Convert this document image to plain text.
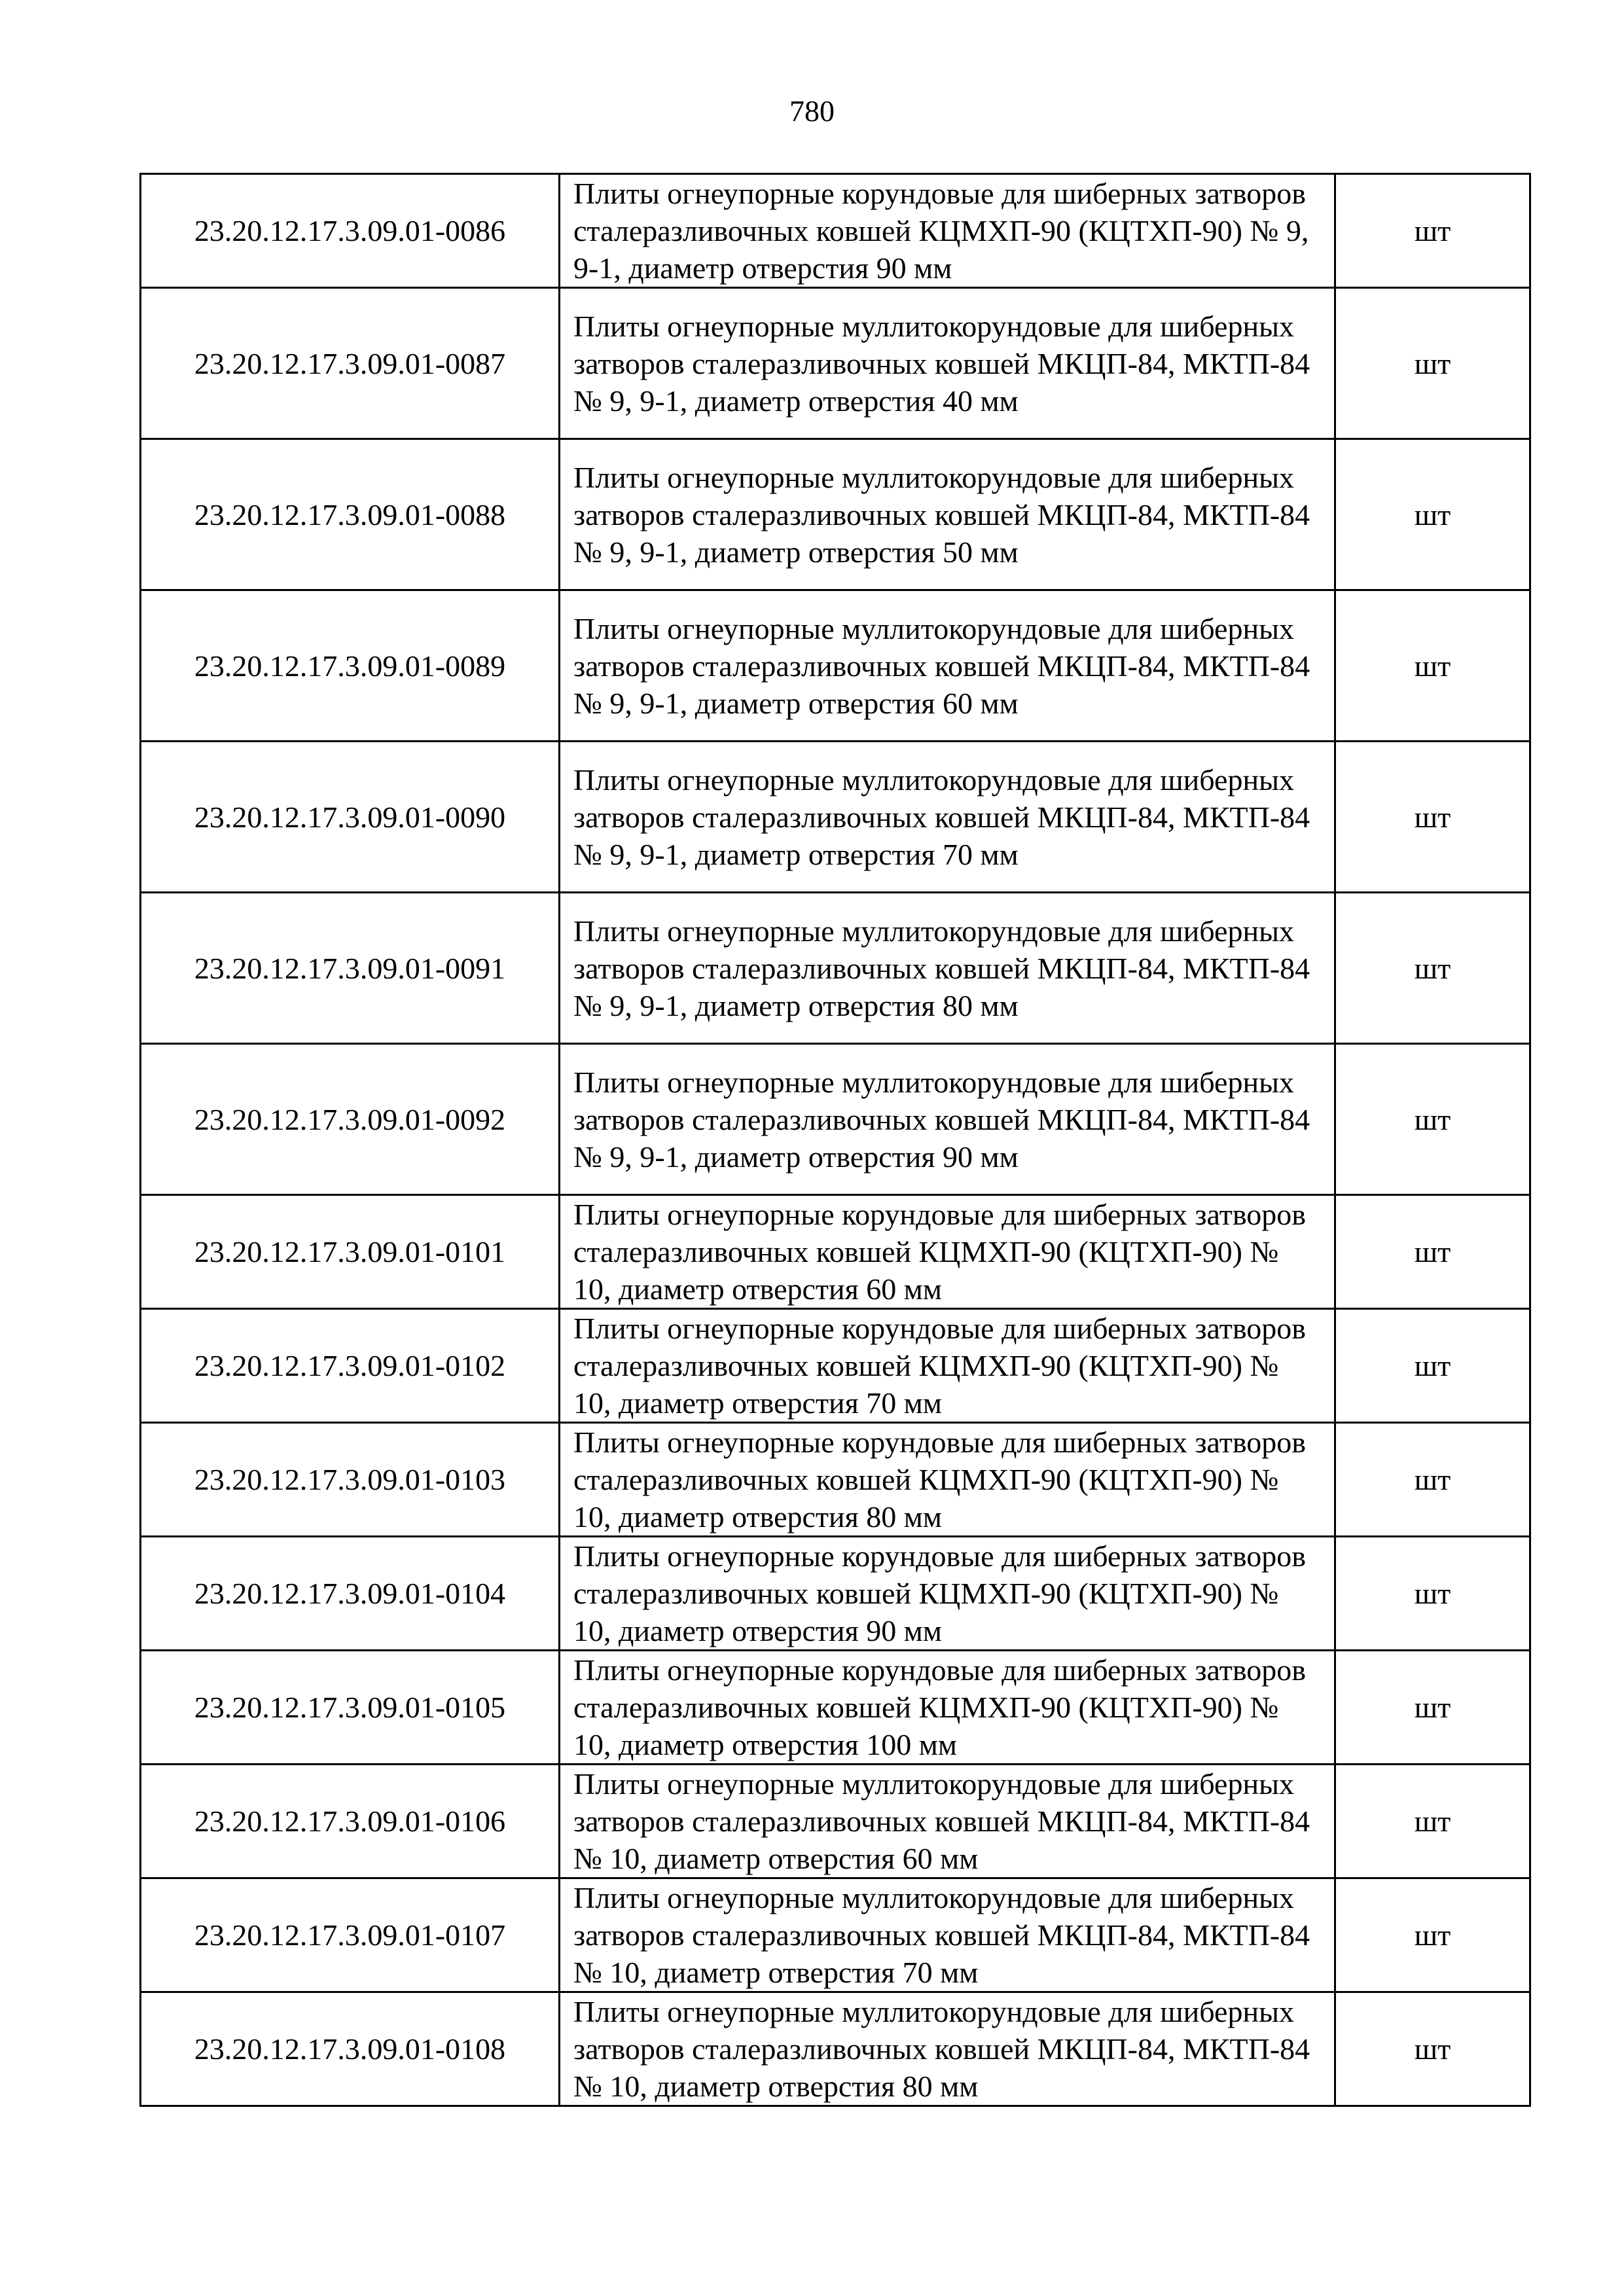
780
23.20.12.17.3.09.01-0086	Плиты огнеупорные корундовые для шиберных затворов сталеразливочных ковшей КЦМХП-90 (КЦТХП-90) № 9, 9-1, диаметр отверстия 90 мм	шт
23.20.12.17.3.09.01-0087	Плиты огнеупорные муллитокорундовые для шиберных затворов сталеразливочных ковшей МКЦП-84, МКТП-84 № 9, 9-1, диаметр отверстия 40 мм	шт
23.20.12.17.3.09.01-0088	Плиты огнеупорные муллитокорундовые для шиберных затворов сталеразливочных ковшей МКЦП-84, МКТП-84 № 9, 9-1, диаметр отверстия 50 мм	шт
23.20.12.17.3.09.01-0089	Плиты огнеупорные муллитокорундовые для шиберных затворов сталеразливочных ковшей МКЦП-84, МКТП-84 № 9, 9-1, диаметр отверстия 60 мм	шт
23.20.12.17.3.09.01-0090	Плиты огнеупорные муллитокорундовые для шиберных затворов сталеразливочных ковшей МКЦП-84, МКТП-84 № 9, 9-1, диаметр отверстия 70 мм	шт
23.20.12.17.3.09.01-0091	Плиты огнеупорные муллитокорундовые для шиберных затворов сталеразливочных ковшей МКЦП-84, МКТП-84 № 9, 9-1, диаметр отверстия 80 мм	шт
23.20.12.17.3.09.01-0092	Плиты огнеупорные муллитокорундовые для шиберных затворов сталеразливочных ковшей МКЦП-84, МКТП-84 № 9, 9-1, диаметр отверстия 90 мм	шт
23.20.12.17.3.09.01-0101	Плиты огнеупорные корундовые для шиберных затворов сталеразливочных ковшей КЦМХП-90 (КЦТХП-90) № 10, диаметр отверстия 60 мм	шт
23.20.12.17.3.09.01-0102	Плиты огнеупорные корундовые для шиберных затворов сталеразливочных ковшей КЦМХП-90 (КЦТХП-90) № 10, диаметр отверстия 70 мм	шт
23.20.12.17.3.09.01-0103	Плиты огнеупорные корундовые для шиберных затворов сталеразливочных ковшей КЦМХП-90 (КЦТХП-90) № 10, диаметр отверстия 80 мм	шт
23.20.12.17.3.09.01-0104	Плиты огнеупорные корундовые для шиберных затворов сталеразливочных ковшей КЦМХП-90 (КЦТХП-90) № 10, диаметр отверстия 90 мм	шт
23.20.12.17.3.09.01-0105	Плиты огнеупорные корундовые для шиберных затворов сталеразливочных ковшей КЦМХП-90 (КЦТХП-90) № 10, диаметр отверстия 100 мм	шт
23.20.12.17.3.09.01-0106	Плиты огнеупорные муллитокорундовые для шиберных затворов сталеразливочных ковшей МКЦП-84, МКТП-84 № 10, диаметр отверстия 60 мм	шт
23.20.12.17.3.09.01-0107	Плиты огнеупорные муллитокорундовые для шиберных затворов сталеразливочных ковшей МКЦП-84, МКТП-84 № 10, диаметр отверстия 70 мм	шт
23.20.12.17.3.09.01-0108	Плиты огнеупорные муллитокорундовые для шиберных затворов сталеразливочных ковшей МКЦП-84, МКТП-84 № 10, диаметр отверстия 80 мм	шт
